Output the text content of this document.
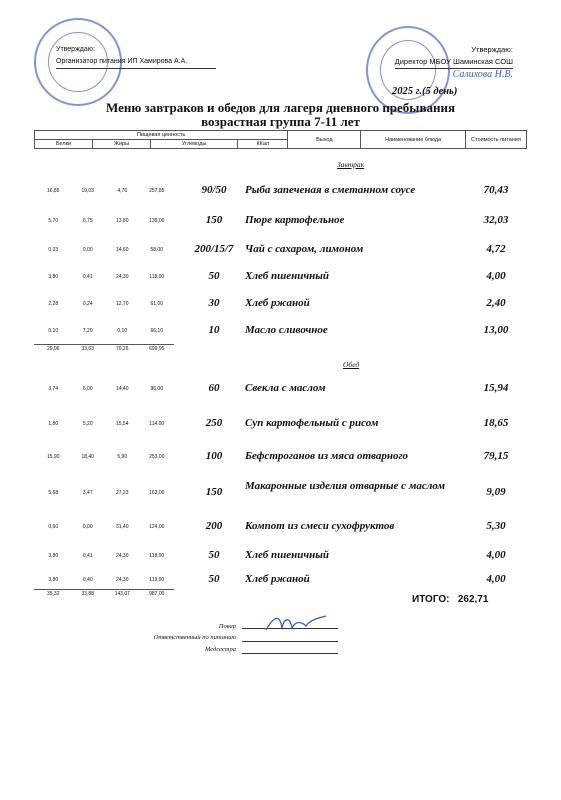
Утверждаю:
Организатор питания ИП Хамирова А.А.
Утверждаю:
Директор МБОУ Шаминская СОШ
Салихова Н.В.
2025 г.(5 день)
Меню завтраков и обедов для лагеря дневного пребывания
возрастная группа 7-11 лет
Пищевая ценность				Выход	Наименование блюда	Стоимость питания
Белки	Жиры	Углеводы	ККал			
Завтрак
16,85	19,03	4,76	257,85	90/50	Рыба запеченая в сметанном соусе	70,43
5,70	6,75	13,80	139,00	150	Пюре картофельное	32,03
0,33	0,00	14,60	58,00	200/15/7	Чай с сахаром, лимоном	4,72
3,80	0,41	24,30	118,00	50	Хлеб пшеничный	4,00
2,28	0,24	12,70	61,00	30	Хлеб ржаной	2,40
0,10	7,20	0,10	66,10	10	Масло сливочное	13,00
29,06	33,63	70,26	699,95
Обед
3,74	6,00	14,40	96,00	60	Свекла с маслом	15,94
1,80	5,20	15,54	114,00	250	Суп картофельный с рисом	18,65
15,90	18,40	5,90	253,00	100	Бефстроганов из мяса отварного	79,15
5,68	3,47	27,23	163,00	150	Макаронные изделия отварные с маслом	9,09
0,60	0,00	31,40	124,00	200	Компот из смеси сухофруктов	5,30
3,80	0,41	24,30	118,00	50	Хлеб пшеничный	4,00
3,80	0,40	24,30	119,00	50	Хлеб ржаной	4,00
35,32	33,88	143,07	987,00	ИТОГО: 262,71
Повар
Ответственный по питанию
Медсестра
